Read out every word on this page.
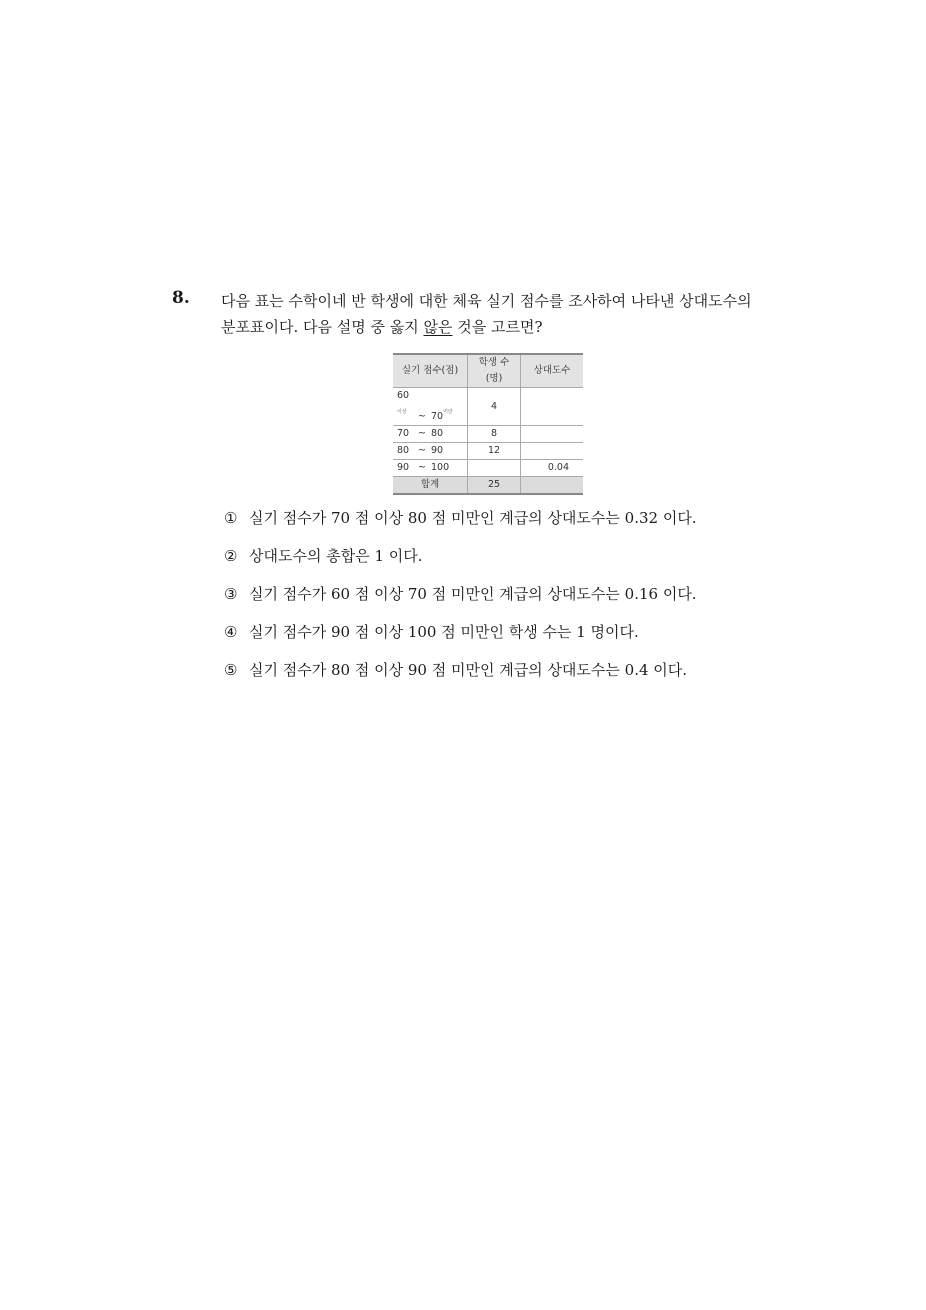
8. 다음 표는 수학이네 반 학생에 대한 체육 실기 점수를 조사하여 나타낸 상대도수의
분포표이다. 다음 설명 중 옳지 않은 것을 고르면?
실기 점수(점)	학생 수(명)	상대도수
$60^{이상}$ ~ $70^{미만}$	4	
70 ~ 80	8	
80 ~ 90	12	
90 ~ 100		0.04
합계	25	
① 실기 점수가 70 점 이상 80 점 미만인 계급의 상대도수는 0.32 이다.
② 상대도수의 총합은 1 이다.
③ 실기 점수가 60 점 이상 70 점 미만인 계급의 상대도수는 0.16 이다.
④ 실기 점수가 90 점 이상 100 점 미만인 학생 수는 1 명이다.
⑤ 실기 점수가 80 점 이상 90 점 미만인 계급의 상대도수는 0.4 이다.
